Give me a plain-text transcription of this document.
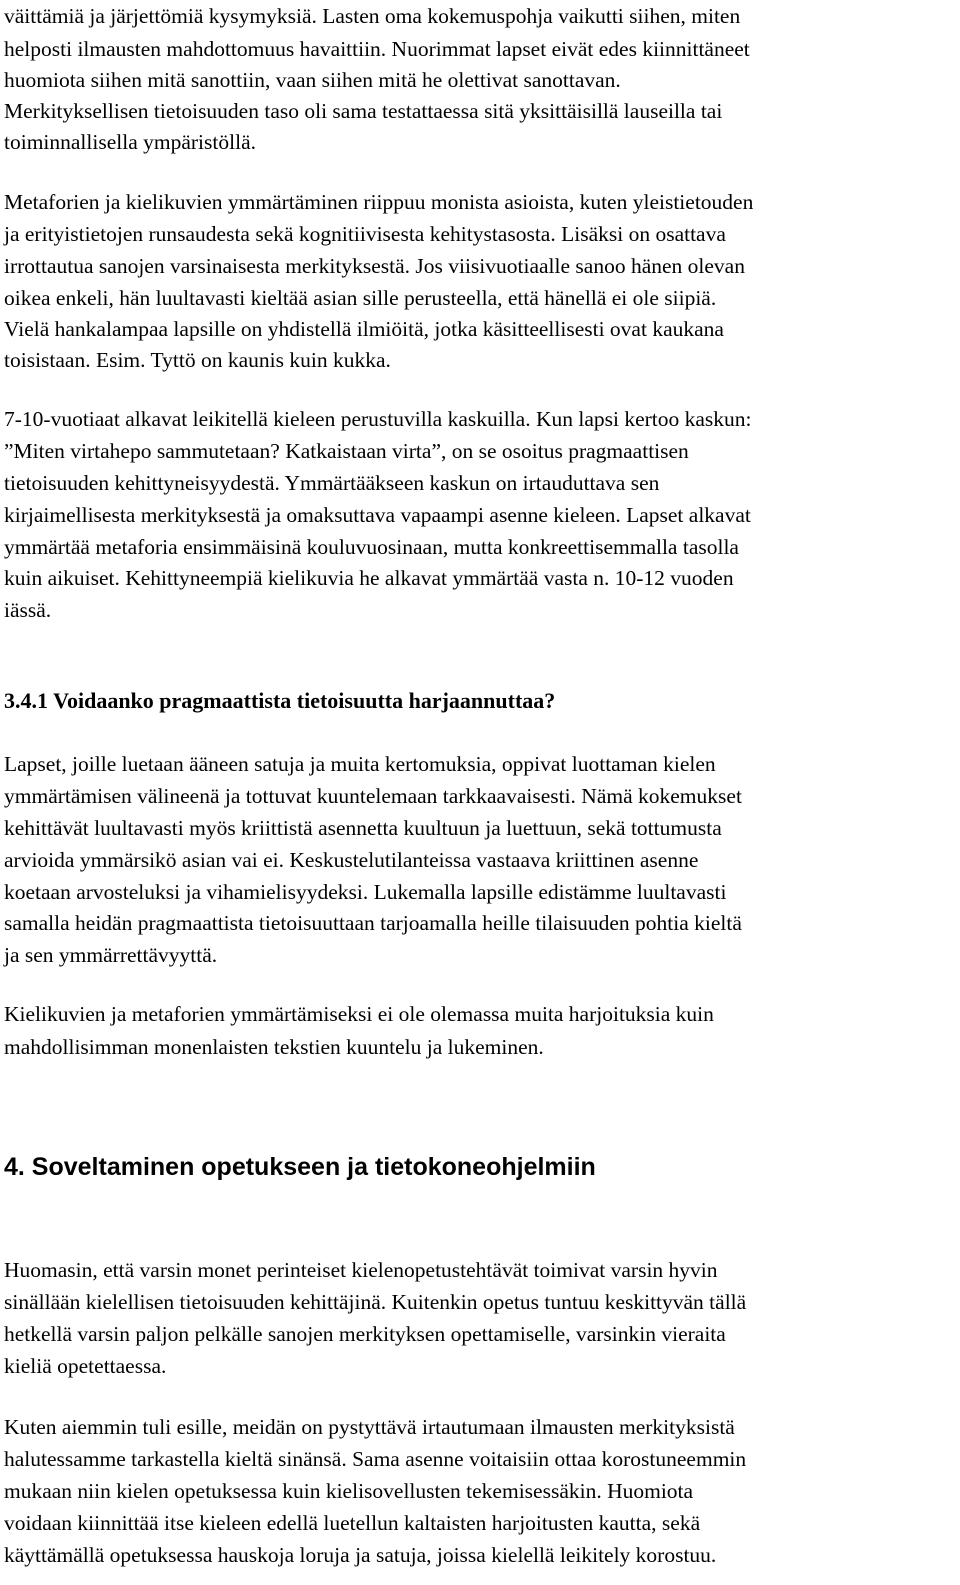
väittämiä ja järjettömiä kysymyksiä. Lasten oma kokemuspohja vaikutti siihen, miten

helposti ilmausten mahdottomuus havaittiin. Nuorimmat lapset eivät edes kiinnittäneet

huomiota siihen mitä sanottiin, vaan siihen mitä he olettivat sanottavan.

Merkityksellisen tietoisuuden taso oli sama testattaessa sitä yksittäisillä lauseilla tai

toiminnallisella ympäristöllä.

Metaforien ja kielikuvien ymmärtäminen riippuu monista asioista, kuten yleistietouden

ja erityistietojen runsaudesta sekä kognitiivisesta kehitystasosta. Lisäksi on osattava

irrottautua sanojen varsinaisesta merkityksestä. Jos viisivuotiaalle sanoo hänen olevan

oikea enkeli, hän luultavasti kieltää asian sille perusteella, että hänellä ei ole siipiä.

Vielä hankalampaa lapsille on yhdistellä ilmiöitä, jotka käsitteellisesti ovat kaukana

toisistaan. Esim. Tyttö on kaunis kuin kukka.

7-10-vuotiaat alkavat leikitellä kieleen perustuvilla kaskuilla. Kun lapsi kertoo kaskun:

”Miten virtahepo sammutetaan? Katkaistaan virta”, on se osoitus pragmaattisen

tietoisuuden kehittyneisyydestä. Ymmärtääkseen kaskun on irtauduttava sen

kirjaimellisesta merkityksestä ja omaksuttava vapaampi asenne kieleen. Lapset alkavat

ymmärtää metaforia ensimmäisinä kouluvuosinaan, mutta konkreettisemmalla tasolla

kuin aikuiset. Kehittyneempiä kielikuvia he alkavat ymmärtää vasta n. 10-12 vuoden

iässä.

3.4.1 Voidaanko pragmaattista tietoisuutta harjaannuttaa?

Lapset, joille luetaan ääneen satuja ja muita kertomuksia, oppivat luottaman kielen

ymmärtämisen välineenä ja tottuvat kuuntelemaan tarkkaavaisesti. Nämä kokemukset

kehittävät luultavasti myös kriittistä asennetta kuultuun ja luettuun, sekä tottumusta

arvioida ymmärsikö asian vai ei. Keskustelutilanteissa vastaava kriittinen asenne

koetaan arvosteluksi ja vihamielisyydeksi. Lukemalla lapsille edistämme luultavasti

samalla heidän pragmaattista tietoisuuttaan tarjoamalla heille tilaisuuden pohtia kieltä

ja sen ymmärrettävyyttä.

Kielikuvien ja metaforien ymmärtämiseksi ei ole olemassa muita harjoituksia kuin

mahdollisimman monenlaisten tekstien kuuntelu ja lukeminen.

4. Soveltaminen opetukseen ja tietokoneohjelmiin

Huomasin, että varsin monet perinteiset kielenopetustehtävät toimivat varsin hyvin

sinällään kielellisen tietoisuuden kehittäjinä. Kuitenkin opetus tuntuu keskittyvän tällä

hetkellä varsin paljon pelkälle sanojen merkityksen opettamiselle, varsinkin vieraita

kieliä opetettaessa.

Kuten aiemmin tuli esille, meidän on pystyttävä irtautumaan ilmausten merkityksistä

halutessamme tarkastella kieltä sinänsä. Sama asenne voitaisiin ottaa korostuneemmin

mukaan niin kielen opetuksessa kuin kielisovellusten tekemisessäkin. Huomiota

voidaan kiinnittää itse kieleen edellä luetellun kaltaisten harjoitusten kautta, sekä

käyttämällä opetuksessa hauskoja loruja ja satuja, joissa kielellä leikitely korostuu.
